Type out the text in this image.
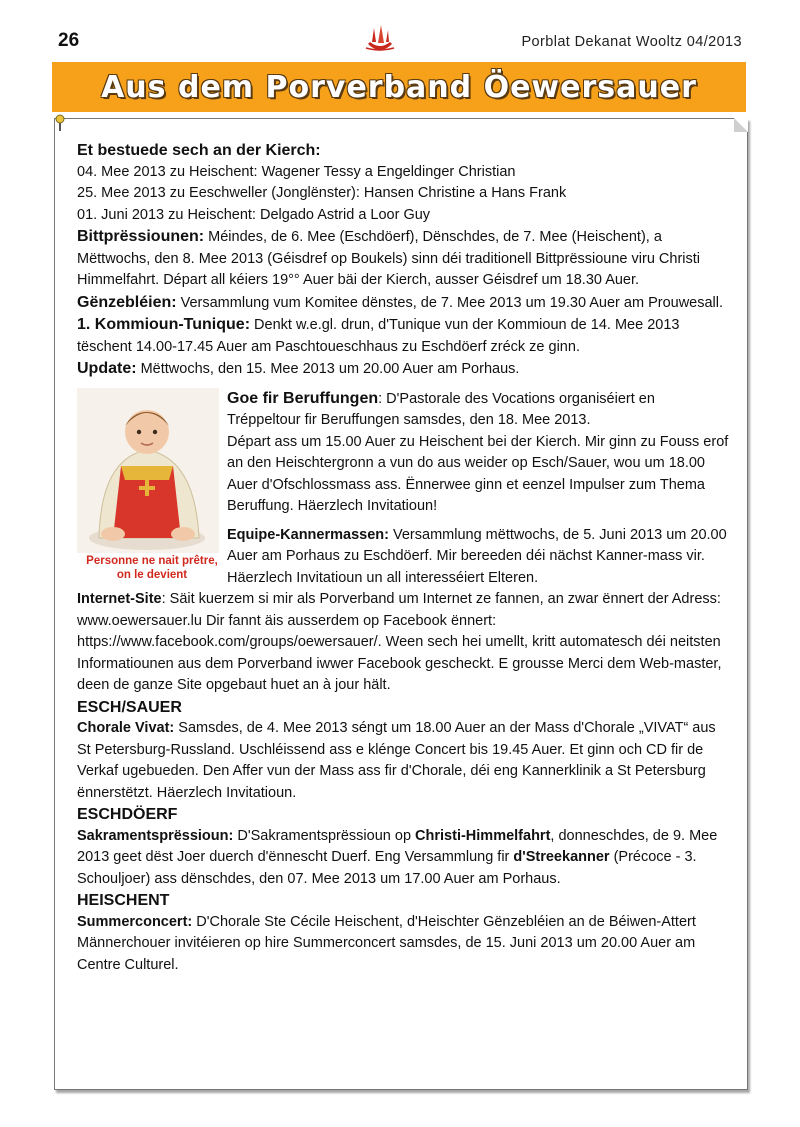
26	Porblat Dekanat Wooltz 04/2013
Aus dem Porverband Öewersauer

Et bestuede sech an der Kierch:

04. Mee 2013 zu Heischent: Wagener Tessy a Engeldinger Christian

25. Mee 2013 zu Eeschweller (Jonglënster): Hansen Christine a Hans Frank

01. Juni 2013 zu Heischent: Delgado Astrid a Loor Guy

Bittprëssiounen: Méindes, de 6. Mee (Eschdöerf), Dënschdes, de 7. Mee (Heischent), a Mëttwochs, den 8. Mee 2013 (Géisdref op Boukels) sinn déi traditionell Bittprëssioune viru Christi Himmelfahrt. Départ all kéiers 19°° Auer bäi der Kierch, ausser Géisdref um 18.30 Auer.

Gënzebléien: Versammlung vum Komitee dënstes, de 7. Mee 2013 um 19.30 Auer am Prouwesall.

1. Kommioun-Tunique: Denkt w.e.gl. drun, d'Tunique vun der Kommioun de 14. Mee 2013 tëschent 14.00-17.45 Auer am Paschtoueschhaus zu Eschdöerf zréck ze ginn.

Update: Mëttwochs, den 15. Mee 2013 um 20.00 Auer am Porhaus.

Personne ne nait prêtre,
on le devient

Goe fir Beruffungen: D'Pastorale des Vocations organiséiert en Tréppeltour fir Beruffungen samsdes, den 18. Mee 2013.

Départ ass um 15.00 Auer zu Heischent bei der Kierch. Mir ginn zu Fouss erof an den Heischtergronn a vun do aus weider op Esch/Sauer, wou um 18.00 Auer d'Ofschlossmass ass. Ënnerwee ginn et eenzel Impulser zum Thema Beruffung. Häerzlech Invitatioun!

Equipe-Kannermassen: Versammlung mëttwochs, de 5. Juni 2013 um 20.00 Auer am Porhaus zu Eschdöerf. Mir bereeden déi nächst Kanner-mass vir. Häerzlech Invitatioun un all interesséiert Elteren.

Internet-Site: Säit kuerzem si mir als Porverband um Internet ze fannen, an zwar ënnert der Adress: www.oewersauer.lu Dir fannt äis ausserdem op Facebook ënnert: https://www.facebook.com/groups/oewersauer/. Ween sech hei umellt, kritt automatesch déi neitsten Informatiounen aus dem Porverband iwwer Facebook gescheckt. E grousse Merci dem Web-master, deen de ganze Site opgebaut huet an à jour hält.

ESCH/SAUER

Chorale Vivat: Samsdes, de 4. Mee 2013 séngt um 18.00 Auer an der Mass d'Chorale „VIVAT“ aus St Petersburg-Russland. Uschléissend ass e klénge Concert bis 19.45 Auer. Et ginn och CD fir de Verkaf ugebueden. Den Affer vun der Mass ass fir d'Chorale, déi eng Kannerklinik a St Petersburg ënnerstëtzt. Häerzlech Invitatioun.

ESCHDÖERF

Sakramentsprëssioun: D'Sakramentsprëssioun op Christi-Himmelfahrt, donneschdes, de 9. Mee 2013 geet dëst Joer duerch d'ënnescht Duerf. Eng Versammlung fir d'Streekanner (Précoce - 3. Schouljoer) ass dënschdes, den 07. Mee 2013 um 17.00 Auer am Porhaus.

HEISCHENT

Summerconcert: D'Chorale Ste Cécile Heischent, d'Heischter Gënzebléien an de Béiwen-Attert Männerchouer invitéieren op hire Summerconcert samsdes, de 15. Juni 2013 um 20.00 Auer am Centre Culturel.
